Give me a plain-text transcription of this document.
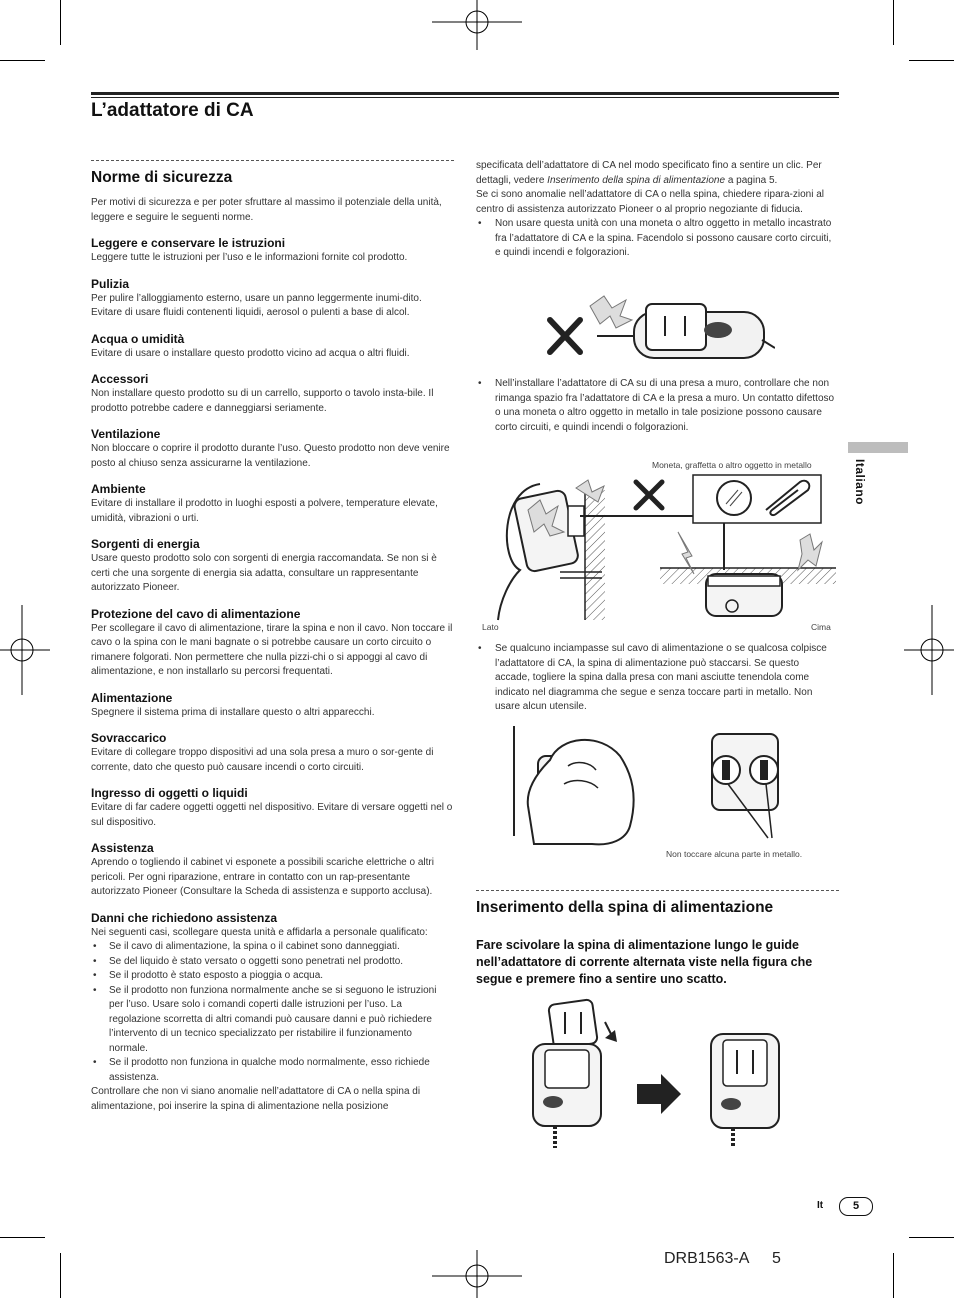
L’adattatore di CA
Norme di sicurezza

Per motivi di sicurezza e per poter sfruttare al massimo il potenziale della unità, leggere e seguire le seguenti norme.

Leggere e conservare le istruzioni

Leggere tutte le istruzioni per l’uso e le informazioni fornite col prodotto.

Pulizia

Per pulire l’alloggiamento esterno, usare un panno leggermente inumi-dito. Evitare di usare fluidi contenenti liquidi, aerosol o pulenti a base di alcol.

Acqua o umidità

Evitare di usare o installare questo prodotto vicino ad acqua o altri fluidi.

Accessori

Non installare questo prodotto su di un carrello, supporto o tavolo insta-bile. Il prodotto potrebbe cadere e danneggiarsi seriamente.

Ventilazione

Non bloccare o coprire il prodotto durante l’uso. Questo prodotto non deve venire posto al chiuso senza assicurarne la ventilazione.

Ambiente

Evitare di installare il prodotto in luoghi esposti a polvere, temperature elevate, umidità, vibrazioni o urti.

Sorgenti di energia

Usare questo prodotto solo con sorgenti di energia raccomandata. Se non si è certi che una sorgente di energia sia adatta, consultare un rappresentante autorizzato Pioneer.

Protezione del cavo di alimentazione

Per scollegare il cavo di alimentazione, tirare la spina e non il cavo. Non toccare il cavo o la spina con le mani bagnate o si potrebbe causare un corto circuito o rimanere folgorati. Non permettere che nulla pizzi-chi o si appoggi al cavo di alimentazione, e non installarlo su percorsi frequentati.

Alimentazione

Spegnere il sistema prima di installare questo o altri apparecchi.

Sovraccarico

Evitare di collegare troppo dispositivi ad una sola presa a muro o sor-gente di corrente, dato che questo può causare incendi o corto circuiti.

Ingresso di oggetti o liquidi

Evitare di far cadere oggetti oggetti nel dispositivo. Evitare di versare oggetti nel o sul dispositivo.

Assistenza

Aprendo o togliendo il cabinet vi esponete a possibili scariche elettriche o altri pericoli. Per ogni riparazione, entrare in contatto con un rap-presentante autorizzato Pioneer (Consultare la Scheda di assistenza e supporto acclusa).

Danni che richiedono assistenza

Nei seguenti casi, scollegare questa unità e affidarla a personale qualificato:

• Se il cavo di alimentazione, la spina o il cabinet sono danneggiati.
• Se del liquido è stato versato o oggetti sono penetrati nel prodotto.
• Se il prodotto è stato esposto a pioggia o acqua.
• Se il prodotto non funziona normalmente anche se si seguono le istruzioni per l’uso. Usare solo i comandi coperti dalle istruzioni per l’uso. La regolazione scorretta di altri comandi può causare danni e può richiedere l’intervento di un tecnico specializzato per ristabilire il funzionamento normale.
• Se il prodotto non funziona in qualche modo normalmente, esso richiede assistenza.

Controllare che non vi siano anomalie nell’adattatore di CA o nella spina di alimentazione, poi inserire la spina di alimentazione nella posizione

specificata dell’adattatore di CA nel modo specificato fino a sentire un clic. Per dettagli, vedere Inserimento della spina di alimentazione a pagina 5.

Se ci sono anomalie nell’adattatore di CA o nella spina, chiedere ripara-zioni al centro di assistenza autorizzato Pioneer o al proprio negoziante di fiducia.

• Non usare questa unità con una moneta o altro oggetto in metallo incastrato fra l’adattatore di CA e la spina. Facendolo si possono causare corto circuiti, e quindi incendi e folgorazioni.
• Nell’installare l’adattatore di CA su di una presa a muro, controllare che non rimanga spazio fra l’adattatore di CA e la presa a muro. Un contatto difettoso o una moneta o altro oggetto in metallo in tale posizione possono causare corto circuiti, e quindi incendi o folgorazioni.
Moneta, graffetta o altro oggetto in metallo
Lato	Cima
• Se qualcuno inciampasse sul cavo di alimentazione o se qualcosa colpisce l’adattatore di CA, la spina di alimentazione può staccarsi. Se questo accade, togliere la spina dalla presa con mani asciutte tenendola come indicato nel diagramma che segue e senza toccare parti in metallo. Non usare alcun utensile.
Non toccare alcuna parte in metallo.
Inserimento della spina di alimentazione
Fare scivolare la spina di alimentazione lungo le guide nell’adattatore di corrente alternata viste nella figura che segue e premere fino a sentire uno scatto.
Italiano
It	5
DRB1563-A 5
